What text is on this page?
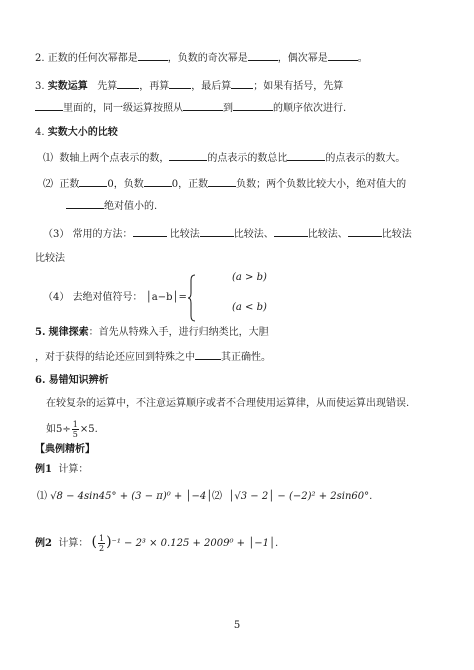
2. 正数的任何次幂都是	，负数的奇次幂是	，偶次幂是	。
3. 实数运算 先算 ，再算 ，最后算 ；如果有括号，先算
里面的，同一级运算按照从	到	的顺序依次进行.
4. 实数大小的比较
⑴ 数轴上两个点表示的数，	的点表示的数总比	的点表示的数大。
⑵ 正数	0，负数	0，正数	负数；两个负数比较大小，绝对值大的
绝对值小的.
（3） 常用的方法：	比较法	比较法、	比较法、	比较法
比较法
（4） 去绝对值符号： │a−b│=
(a > b)
(a < b)
5. 规律探索：首先从特殊入手，进行归纳类比，大胆
，对于获得的结论还应回到特殊之中	其正确性。
6. 易错知识辨析
在较复杂的运算中，不注意运算顺序或者不合理使用运算律，从而使运算出现错误.
如$5\div \frac{1}{5} \times 5$.
【典例精析】
例1 计算：
⑴ √8 − 4sin45° + (3 − π)⁰ + │−4│ ⑵ │√3 − 2│ − (−2)² + 2sin60°.
例2 计算： ( $\frac{1}{2} )^{-1} - 2^3 \times 0.125 + 2009^0$ + │−1│.
5
